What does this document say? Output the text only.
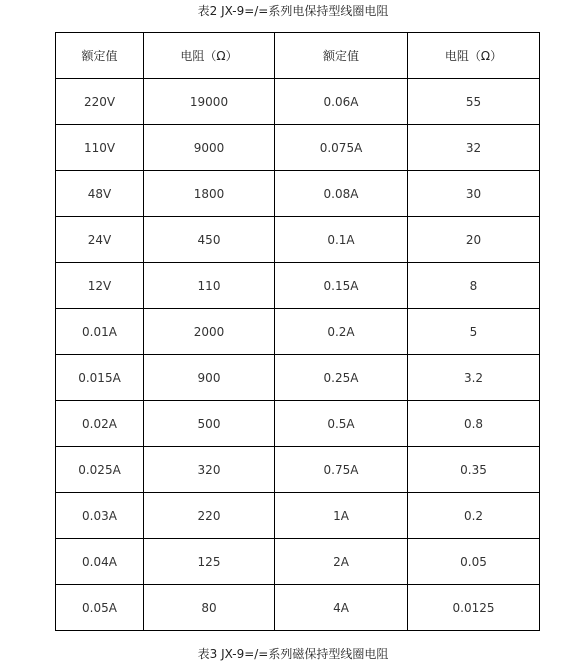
表2 JX-9=/=系列电保持型线圈电阻
额定值	电阻（Ω）	额定值	电阻（Ω）
220V	19000	0.06A	55
110V	9000	0.075A	32
48V	1800	0.08A	30
24V	450	0.1A	20
12V	110	0.15A	8
0.01A	2000	0.2A	5
0.015A	900	0.25A	3.2
0.02A	500	0.5A	0.8
0.025A	320	0.75A	0.35
0.03A	220	1A	0.2
0.04A	125	2A	0.05
0.05A	80	4A	0.0125
表3 JX-9=/=系列磁保持型线圈电阻
